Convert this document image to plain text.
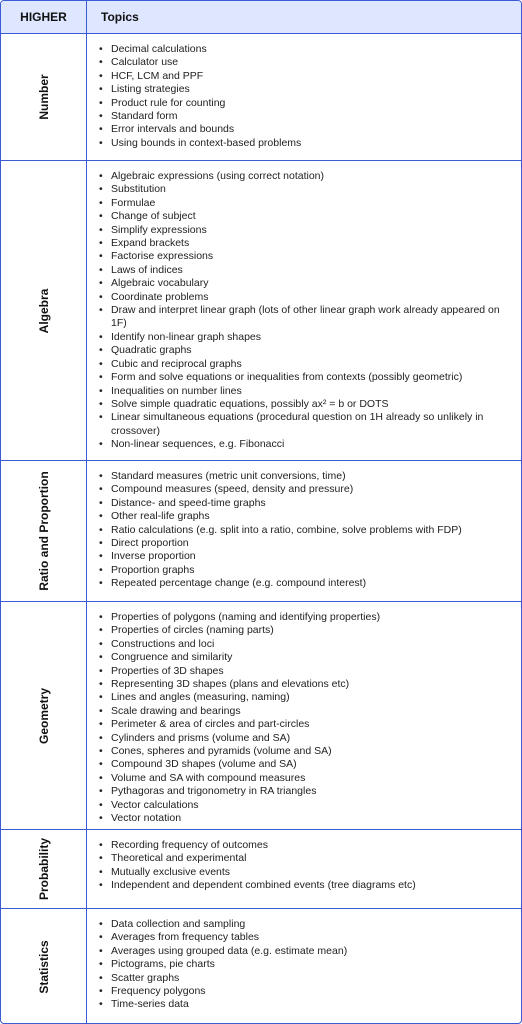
HIGHER	Topics
Number
• Decimal calculations
• Calculator use
• HCF, LCM and PPF
• Listing strategies
• Product rule for counting
• Standard form
• Error intervals and bounds
• Using bounds in context-based problems
Algebra
• Algebraic expressions (using correct notation)
• Substitution
• Formulae
• Change of subject
• Simplify expressions
• Expand brackets
• Factorise expressions
• Laws of indices
• Algebraic vocabulary
• Coordinate problems
• Draw and interpret linear graph (lots of other linear graph work already appeared on 1F)
• Identify non-linear graph shapes
• Quadratic graphs
• Cubic and reciprocal graphs
• Form and solve equations or inequalities from contexts (possibly geometric)
• Inequalities on number lines
• Solve simple quadratic equations, possibly ax² = b or DOTS
• Linear simultaneous equations (procedural question on 1H already so unlikely in crossover)
• Non-linear sequences, e.g. Fibonacci
Ratio and Proportion	• Standard measures (metric unit conversions, time)
• Compound measures (speed, density and pressure)
• Distance- and speed-time graphs
• Other real-life graphs
• Ratio calculations (e.g. split into a ratio, combine, solve problems with FDP)
• Direct proportion
• Inverse proportion
• Proportion graphs
• Repeated percentage change (e.g. compound interest)
Geometry
• Properties of polygons (naming and identifying properties)
• Properties of circles (naming parts)
• Constructions and loci
• Congruence and similarity
• Properties of 3D shapes
• Representing 3D shapes (plans and elevations etc)
• Lines and angles (measuring, naming)
• Scale drawing and bearings
• Perimeter & area of circles and part-circles
• Cylinders and prisms (volume and SA)
• Cones, spheres and pyramids (volume and SA)
• Compound 3D shapes (volume and SA)
• Volume and SA with compound measures
• Pythagoras and trigonometry in RA triangles
• Vector calculations
• Vector notation
Probability	• Recording frequency of outcomes
• Theoretical and experimental
• Mutually exclusive events
• Independent and dependent combined events (tree diagrams etc)
Statistics
• Data collection and sampling
• Averages from frequency tables
• Averages using grouped data (e.g. estimate mean)
• Pictograms, pie charts
• Scatter graphs
• Frequency polygons
• Time-series data
